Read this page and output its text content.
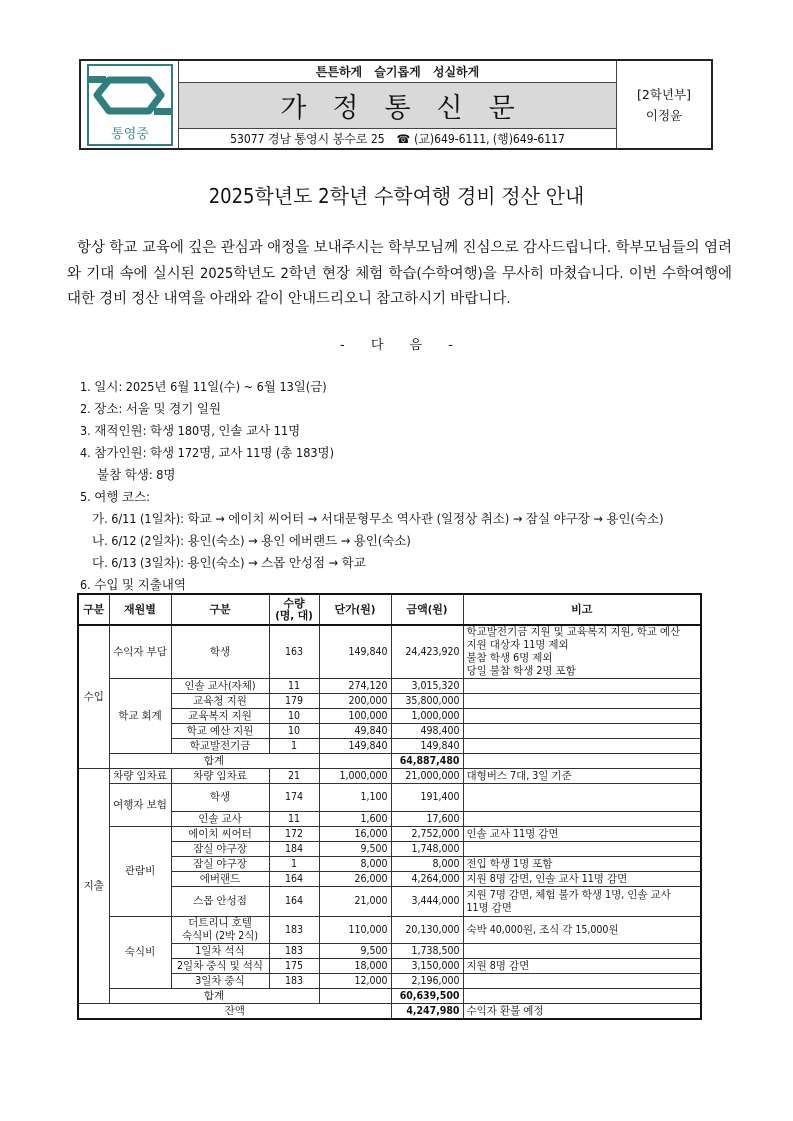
통영중
튼튼하게 슬기롭게 성실하게
가정통신문
53077 경남 통영시 봉수로 25 ☎ (교)649-6111, (행)649-6117
[2학년부]
이정윤
2025학년도 2학년 수학여행 경비 정산 안내

항상 학교 교육에 깊은 관심과 애정을 보내주시는 학부모님께 진심으로 감사드립니다. 학부모님들의 염려와 기대 속에 실시된 2025학년도 2학년 현장 체험 학습(수학여행)을 무사히 마쳤습니다. 이번 수학여행에 대한 경비 정산 내역을 아래와 같이 안내드리오니 참고하시기 바랍니다.

- 다 음 -
1. 일시: 2025년 6월 11일(수) ~ 6월 13일(금)
2. 장소: 서울 및 경기 일원
3. 재적인원: 학생 180명, 인솔 교사 11명
4. 참가인원: 학생 172명, 교사 11명 (총 183명)
불참 학생: 8명
5. 여행 코스:
가. 6/11 (1일차): 학교 → 에이치 씨어터 → 서대문형무소 역사관 (일정상 취소) → 잠실 야구장 → 용인(숙소)
나. 6/12 (2일차): 용인(숙소) → 용인 에버랜드 → 용인(숙소)
다. 6/13 (3일차): 용인(숙소) → 스몹 안성점 → 학교
6. 수입 및 지출내역
구분	재원별	구분	수량
(명, 대)	단가(원)	금액(원)	비고
수입	수익자 부담	학생	163	149,840	24,423,920	학교발전기금 지원 및 교육복지 지원, 학교 예산
지원 대상자 11명 제외
불참 학생 6명 제외
당일 불참 학생 2명 포함

	학교 회계	인솔 교사(자체)	11	274,120	3,015,320	
		교육청 지원	179	200,000	35,800,000	
		교육복지 지원	10	100,000	1,000,000	
		학교 예산 지원	10	49,840	498,400	
		학교발전기금	1	149,840	149,840	
	합계				64,887,480	
지출	차량 임차료	차량 임차료	21	1,000,000	21,000,000	대형버스 7대, 3일 기준

	여행자 보험	학생	174	1,100	191,400	
		인솔 교사	11	1,600	17,600	
	관람비	에이치 씨어터	172	16,000	2,752,000	인솔 교사 11명 감면

		잠실 야구장	184	9,500	1,748,000	
		잠실 야구장	1	8,000	8,000	전입 학생 1명 포함

		에버랜드	164	26,000	4,264,000	지원 8명 감면, 인솔 교사 11명 감면

		스몹 안성점	164	21,000	3,444,000	지원 7명 감면, 체험 불가 학생 1명, 인솔 교사
11명 감면

	숙식비	더트리니 호텔
숙식비 (2박 2식)	183	110,000	20,130,000	숙박 40,000원, 조식 각 15,000원

		1일차 석식	183	9,500	1,738,500	
		2일차 중식 및 석식	175	18,000	3,150,000	지원 8명 감면

		3일차 중식	183	12,000	2,196,000	
	합계				60,639,500	
잔액					4,247,980	수익자 환불 예정
